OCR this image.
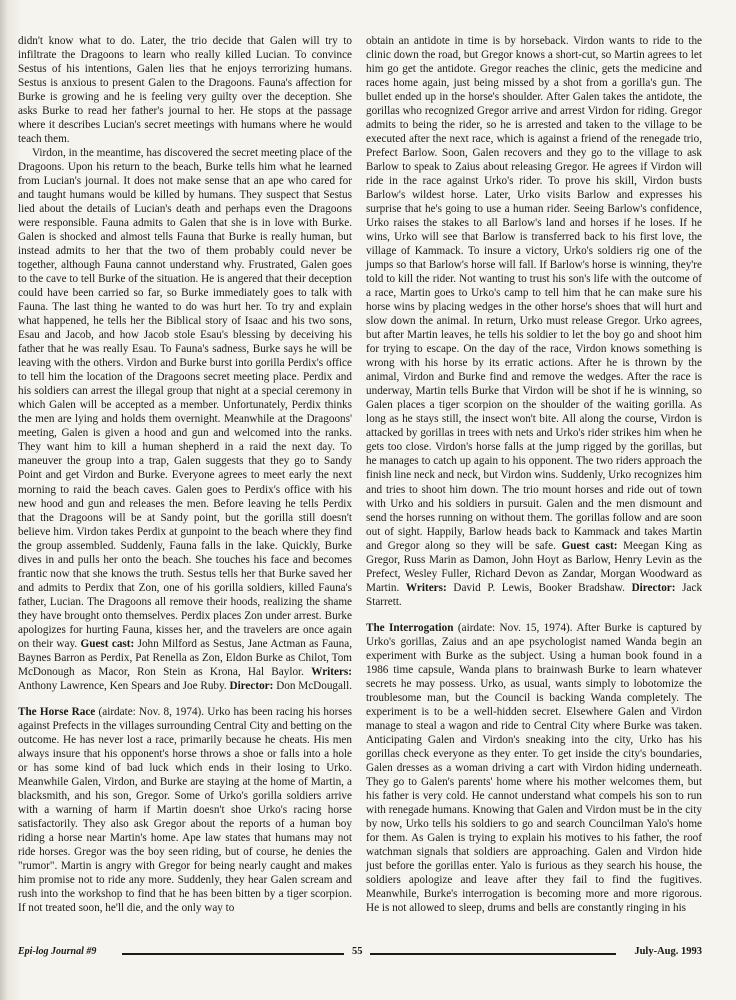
didn't know what to do. Later, the trio decide that Galen will try to infiltrate the Dragoons to learn who really killed Lucian. To convince Sestus of his intentions, Galen lies that he enjoys terrorizing humans. Sestus is anxious to present Galen to the Dragoons. Fauna's affection for Burke is growing and he is feeling very guilty over the deception. She asks Burke to read her father's journal to her. He stops at the passage where it describes Lucian's secret meetings with humans where he would teach them.

Virdon, in the meantime, has discovered the secret meeting place of the Dragoons. Upon his return to the beach, Burke tells him what he learned from Lucian's journal. It does not make sense that an ape who cared for and taught humans would be killed by humans. They suspect that Sestus lied about the details of Lucian's death and perhaps even the Dragoons were responsible. Fauna admits to Galen that she is in love with Burke. Galen is shocked and almost tells Fauna that Burke is really human, but instead admits to her that the two of them probably could never be together, although Fauna cannot understand why. Frustrated, Galen goes to the cave to tell Burke of the situation. He is angered that their deception could have been carried so far, so Burke immediately goes to talk with Fauna. The last thing he wanted to do was hurt her. To try and explain what happened, he tells her the Biblical story of Isaac and his two sons, Esau and Jacob, and how Jacob stole Esau's blessing by deceiving his father that he was really Esau. To Fauna's sadness, Burke says he will be leaving with the others. Virdon and Burke burst into gorilla Perdix's office to tell him the location of the Dragoons secret meeting place. Perdix and his soldiers can arrest the illegal group that night at a special ceremony in which Galen will be accepted as a member. Unfortunately, Perdix thinks the men are lying and holds them overnight. Meanwhile at the Dragoons' meeting, Galen is given a hood and gun and welcomed into the ranks. They want him to kill a human shepherd in a raid the next day. To maneuver the group into a trap, Galen suggests that they go to Sandy Point and get Virdon and Burke. Everyone agrees to meet early the next morning to raid the beach caves. Galen goes to Perdix's office with his new hood and gun and releases the men. Before leaving he tells Perdix that the Dragoons will be at Sandy point, but the gorilla still doesn't believe him. Virdon takes Perdix at gunpoint to the beach where they find the group assembled. Suddenly, Fauna falls in the lake. Quickly, Burke dives in and pulls her onto the beach. She touches his face and becomes frantic now that she knows the truth. Sestus tells her that Burke saved her and admits to Perdix that Zon, one of his gorilla soldiers, killed Fauna's father, Lucian. The Dragoons all remove their hoods, realizing the shame they have brought onto themselves. Perdix places Zon under arrest. Burke apologizes for hurting Fauna, kisses her, and the travelers are once again on their way. Guest cast: John Milford as Sestus, Jane Actman as Fauna, Baynes Barron as Perdix, Pat Renella as Zon, Eldon Burke as Chilot, Tom McDonough as Macor, Ron Stein as Krona, Hal Baylor. Writers: Anthony Lawrence, Ken Spears and Joe Ruby. Director: Don McDougall.

The Horse Race (airdate: Nov. 8, 1974). Urko has been racing his horses against Prefects in the villages surrounding Central City and betting on the outcome. He has never lost a race, primarily because he cheats. His men always insure that his opponent's horse throws a shoe or falls into a hole or has some kind of bad luck which ends in their losing to Urko. Meanwhile Galen, Virdon, and Burke are staying at the home of Martin, a blacksmith, and his son, Gregor. Some of Urko's gorilla soldiers arrive with a warning of harm if Martin doesn't shoe Urko's racing horse satisfactorily. They also ask Gregor about the reports of a human boy riding a horse near Martin's home. Ape law states that humans may not ride horses. Gregor was the boy seen riding, but of course, he denies the "rumor". Martin is angry with Gregor for being nearly caught and makes him promise not to ride any more. Suddenly, they hear Galen scream and rush into the workshop to find that he has been bitten by a tiger scorpion. If not treated soon, he'll die, and the only way to

obtain an antidote in time is by horseback. Virdon wants to ride to the clinic down the road, but Gregor knows a short-cut, so Martin agrees to let him go get the antidote. Gregor reaches the clinic, gets the medicine and races home again, just being missed by a shot from a gorilla's gun. The bullet ended up in the horse's shoulder. After Galen takes the antidote, the gorillas who recognized Gregor arrive and arrest Virdon for riding. Gregor admits to being the rider, so he is arrested and taken to the village to be executed after the next race, which is against a friend of the renegade trio, Prefect Barlow. Soon, Galen recovers and they go to the village to ask Barlow to speak to Zaius about releasing Gregor. He agrees if Virdon will ride in the race against Urko's rider. To prove his skill, Virdon busts Barlow's wildest horse. Later, Urko visits Barlow and expresses his surprise that he's going to use a human rider. Seeing Barlow's confidence, Urko raises the stakes to all Barlow's land and horses if he loses. If he wins, Urko will see that Barlow is transferred back to his first love, the village of Kammack. To insure a victory, Urko's soldiers rig one of the jumps so that Barlow's horse will fall. If Barlow's horse is winning, they're told to kill the rider. Not wanting to trust his son's life with the outcome of a race, Martin goes to Urko's camp to tell him that he can make sure his horse wins by placing wedges in the other horse's shoes that will hurt and slow down the animal. In return, Urko must release Gregor. Urko agrees, but after Martin leaves, he tells his soldier to let the boy go and shoot him for trying to escape. On the day of the race, Virdon knows something is wrong with his horse by its erratic actions. After he is thrown by the animal, Virdon and Burke find and remove the wedges. After the race is underway, Martin tells Burke that Virdon will be shot if he is winning, so Galen places a tiger scorpion on the shoulder of the waiting gorilla. As long as he stays still, the insect won't bite. All along the course, Virdon is attacked by gorillas in trees with nets and Urko's rider strikes him when he gets too close. Virdon's horse falls at the jump rigged by the gorillas, but he manages to catch up again to his opponent. The two riders approach the finish line neck and neck, but Virdon wins. Suddenly, Urko recognizes him and tries to shoot him down. The trio mount horses and ride out of town with Urko and his soldiers in pursuit. Galen and the men dismount and send the horses running on without them. The gorillas follow and are soon out of sight. Happily, Barlow heads back to Kammack and takes Martin and Gregor along so they will be safe. Guest cast: Meegan King as Gregor, Russ Marin as Damon, John Hoyt as Barlow, Henry Levin as the Prefect, Wesley Fuller, Richard Devon as Zandar, Morgan Woodward as Martin. Writers: David P. Lewis, Booker Bradshaw. Director: Jack Starrett.

The Interrogation (airdate: Nov. 15, 1974). After Burke is captured by Urko's gorillas, Zaius and an ape psychologist named Wanda begin an experiment with Burke as the subject. Using a human book found in a 1986 time capsule, Wanda plans to brainwash Burke to learn whatever secrets he may possess. Urko, as usual, wants simply to lobotomize the troublesome man, but the Council is backing Wanda completely. The experiment is to be a well-hidden secret. Elsewhere Galen and Virdon manage to steal a wagon and ride to Central City where Burke was taken. Anticipating Galen and Virdon's sneaking into the city, Urko has his gorillas check everyone as they enter. To get inside the city's boundaries, Galen dresses as a woman driving a cart with Virdon hiding underneath. They go to Galen's parents' home where his mother welcomes them, but his father is very cold. He cannot understand what compels his son to run with renegade humans. Knowing that Galen and Virdon must be in the city by now, Urko tells his soldiers to go and search Councilman Yalo's home for them. As Galen is trying to explain his motives to his father, the roof watchman signals that soldiers are approaching. Galen and Virdon hide just before the gorillas enter. Yalo is furious as they search his house, the soldiers apologize and leave after they fail to find the fugitives. Meanwhile, Burke's interrogation is becoming more and more rigorous. He is not allowed to sleep, drums and bells are constantly ringing in his

Epi-log Journal #9	55	July-Aug. 1993
